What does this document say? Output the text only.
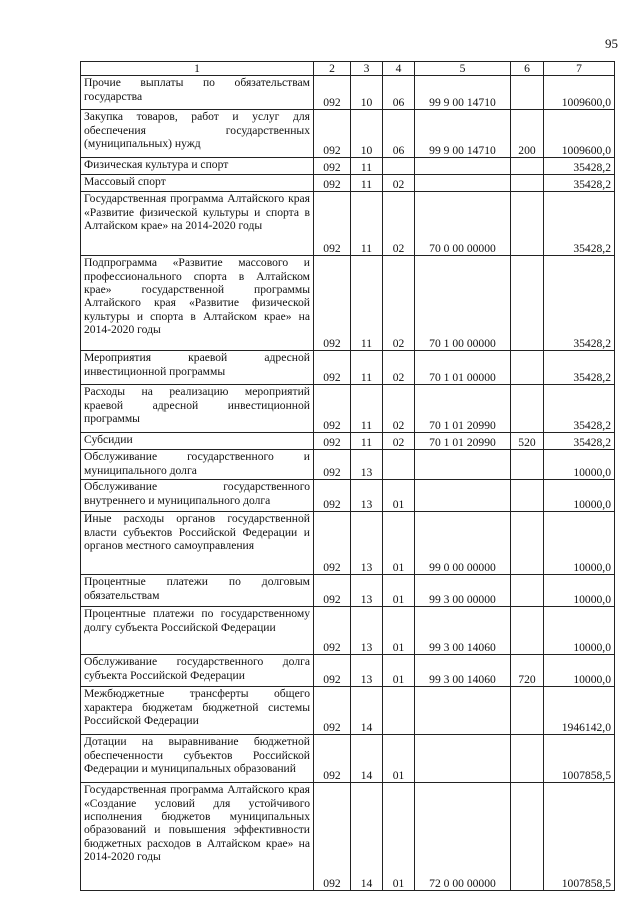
95
1	2	3	4	5	6	7
Прочие выплаты по обязательствам государства	092	10	06	99 9 00 14710		1009600,0
Закупка товаров, работ и услуг для обеспечения государственных (муниципальных) нужд	092	10	06	99 9 00 14710	200	1009600,0
Физическая культура и спорт	092	11				35428,2
Массовый спорт	092	11	02			35428,2
Государственная программа Алтайского края «Развитие физической культуры и спорта в Алтайском крае» на 2014-2020 годы	092	11	02	70 0 00 00000		35428,2
Подпрограмма «Развитие массового и профессионального спорта в Алтайском крае» государственной программы Алтайского края «Развитие физической культуры и спорта в Алтайском крае» на 2014-2020 годы	092	11	02	70 1 00 00000		35428,2
Мероприятия краевой адресной инвестиционной программы	092	11	02	70 1 01 00000		35428,2
Расходы на реализацию мероприятий краевой адресной инвестиционной программы	092	11	02	70 1 01 20990		35428,2
Субсидии	092	11	02	70 1 01 20990	520	35428,2
Обслуживание государственного и муниципального долга	092	13				10000,0
Обслуживание государственного внутреннего и муниципального долга	092	13	01			10000,0
Иные расходы органов государственной власти субъектов Российской Федерации и органов местного самоуправления	092	13	01	99 0 00 00000		10000,0
Процентные платежи по долговым обязательствам	092	13	01	99 3 00 00000		10000,0
Процентные платежи по государственному долгу субъекта Российской Федерации	092	13	01	99 3 00 14060		10000,0
Обслуживание государственного долга субъекта Российской Федерации	092	13	01	99 3 00 14060	720	10000,0
Межбюджетные трансферты общего характера бюджетам бюджетной системы Российской Федерации	092	14				1946142,0
Дотации на выравнивание бюджетной обеспеченности субъектов Российской Федерации и муниципальных образований	092	14	01			1007858,5
Государственная программа Алтайского края «Создание условий для устойчивого исполнения бюджетов муниципальных образований и повышения эффективности бюджетных расходов в Алтайском крае» на 2014-2020 годы	092	14	01	72 0 00 00000		1007858,5
